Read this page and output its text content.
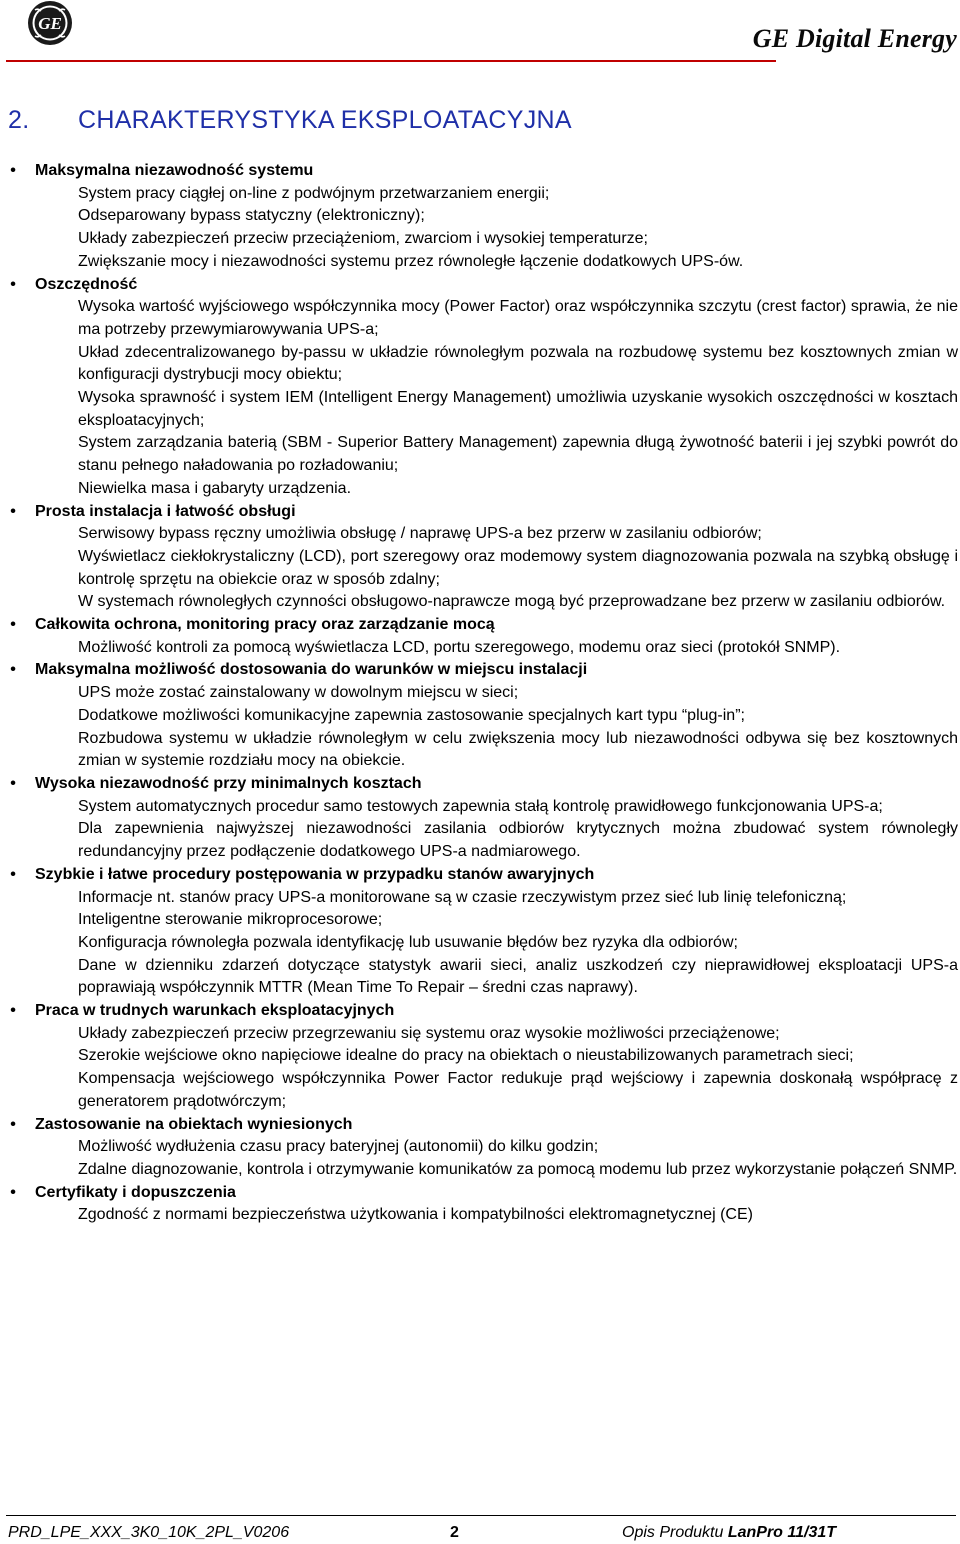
GE
GE Digital Energy
2. CHARAKTERYSTYKA EKSPLOATACYJNA
• Maksymalna niezawodność systemu
System pracy ciągłej on-line z podwójnym przetwarzaniem energii;
Odseparowany bypass statyczny (elektroniczny);
Układy zabezpieczeń przeciw przeciążeniom, zwarciom i wysokiej temperaturze;
Zwiększanie mocy i niezawodności systemu przez równoległe łączenie dodatkowych UPS-ów.
• Oszczędność
Wysoka wartość wyjściowego współczynnika mocy (Power Factor) oraz współczynnika szczytu (crest factor) sprawia, że nie ma potrzeby przewymiarowywania UPS-a;
Układ zdecentralizowanego by-passu w układzie równoległym pozwala na rozbudowę systemu bez kosztownych zmian w konfiguracji dystrybucji mocy obiektu;
Wysoka sprawność i system IEM (Intelligent Energy Management) umożliwia uzyskanie wysokich oszczędności w kosztach eksploatacyjnych;
System zarządzania baterią (SBM - Superior Battery Management) zapewnia długą żywotność baterii i jej szybki powrót do stanu pełnego naładowania po rozładowaniu;
Niewielka masa i gabaryty urządzenia.
• Prosta instalacja i łatwość obsługi
Serwisowy bypass ręczny umożliwia obsługę / naprawę UPS-a bez przerw w zasilaniu odbiorów;
Wyświetlacz ciekłokrystaliczny (LCD), port szeregowy oraz modemowy system diagnozowania pozwala na szybką obsługę i kontrolę sprzętu na obiekcie oraz w sposób zdalny;
W systemach równoległych czynności obsługowo-naprawcze mogą być przeprowadzane bez przerw w zasilaniu odbiorów.
• Całkowita ochrona, monitoring pracy oraz zarządzanie mocą
Możliwość kontroli za pomocą wyświetlacza LCD, portu szeregowego, modemu oraz sieci (protokół SNMP).
• Maksymalna możliwość dostosowania do warunków w miejscu instalacji
UPS może zostać zainstalowany w dowolnym miejscu w sieci;
Dodatkowe możliwości komunikacyjne zapewnia zastosowanie specjalnych kart typu “plug-in”;
Rozbudowa systemu w układzie równoległym w celu zwiększenia mocy lub niezawodności odbywa się bez kosztownych zmian w systemie rozdziału mocy na obiekcie.
• Wysoka niezawodność przy minimalnych kosztach
System automatycznych procedur samo testowych zapewnia stałą kontrolę prawidłowego funkcjonowania UPS-a;
Dla zapewnienia najwyższej niezawodności zasilania odbiorów krytycznych można zbudować system równoległy redundancyjny przez podłączenie dodatkowego UPS-a nadmiarowego.
• Szybkie i łatwe procedury postępowania w przypadku stanów awaryjnych
Informacje nt. stanów pracy UPS-a monitorowane są w czasie rzeczywistym przez sieć lub linię telefoniczną;
Inteligentne sterowanie mikroprocesorowe;
Konfiguracja równoległa pozwala identyfikację lub usuwanie błędów bez ryzyka dla odbiorów;
Dane w dzienniku zdarzeń dotyczące statystyk awarii sieci, analiz uszkodzeń czy nieprawidłowej eksploatacji UPS-a poprawiają współczynnik MTTR (Mean Time To Repair – średni czas naprawy).
• Praca w trudnych warunkach eksploatacyjnych
Układy zabezpieczeń przeciw przegrzewaniu się systemu oraz wysokie możliwości przeciążenowe;
Szerokie wejściowe okno napięciowe idealne do pracy na obiektach o nieustabilizowanych parametrach sieci;
Kompensacja wejściowego współczynnika Power Factor redukuje prąd wejściowy i zapewnia doskonałą współpracę z generatorem prądotwórczym;
• Zastosowanie na obiektach wyniesionych
Możliwość wydłużenia czasu pracy bateryjnej (autonomii) do kilku godzin;
Zdalne diagnozowanie, kontrola i otrzymywanie komunikatów za pomocą modemu lub przez wykorzystanie połączeń SNMP.
• Certyfikaty i dopuszczenia
Zgodność z normami bezpieczeństwa użytkowania i kompatybilności elektromagnetycznej (CE)
PRD_LPE_XXX_3K0_10K_2PL_V0206	2	Opis Produktu LanPro 11/31T
